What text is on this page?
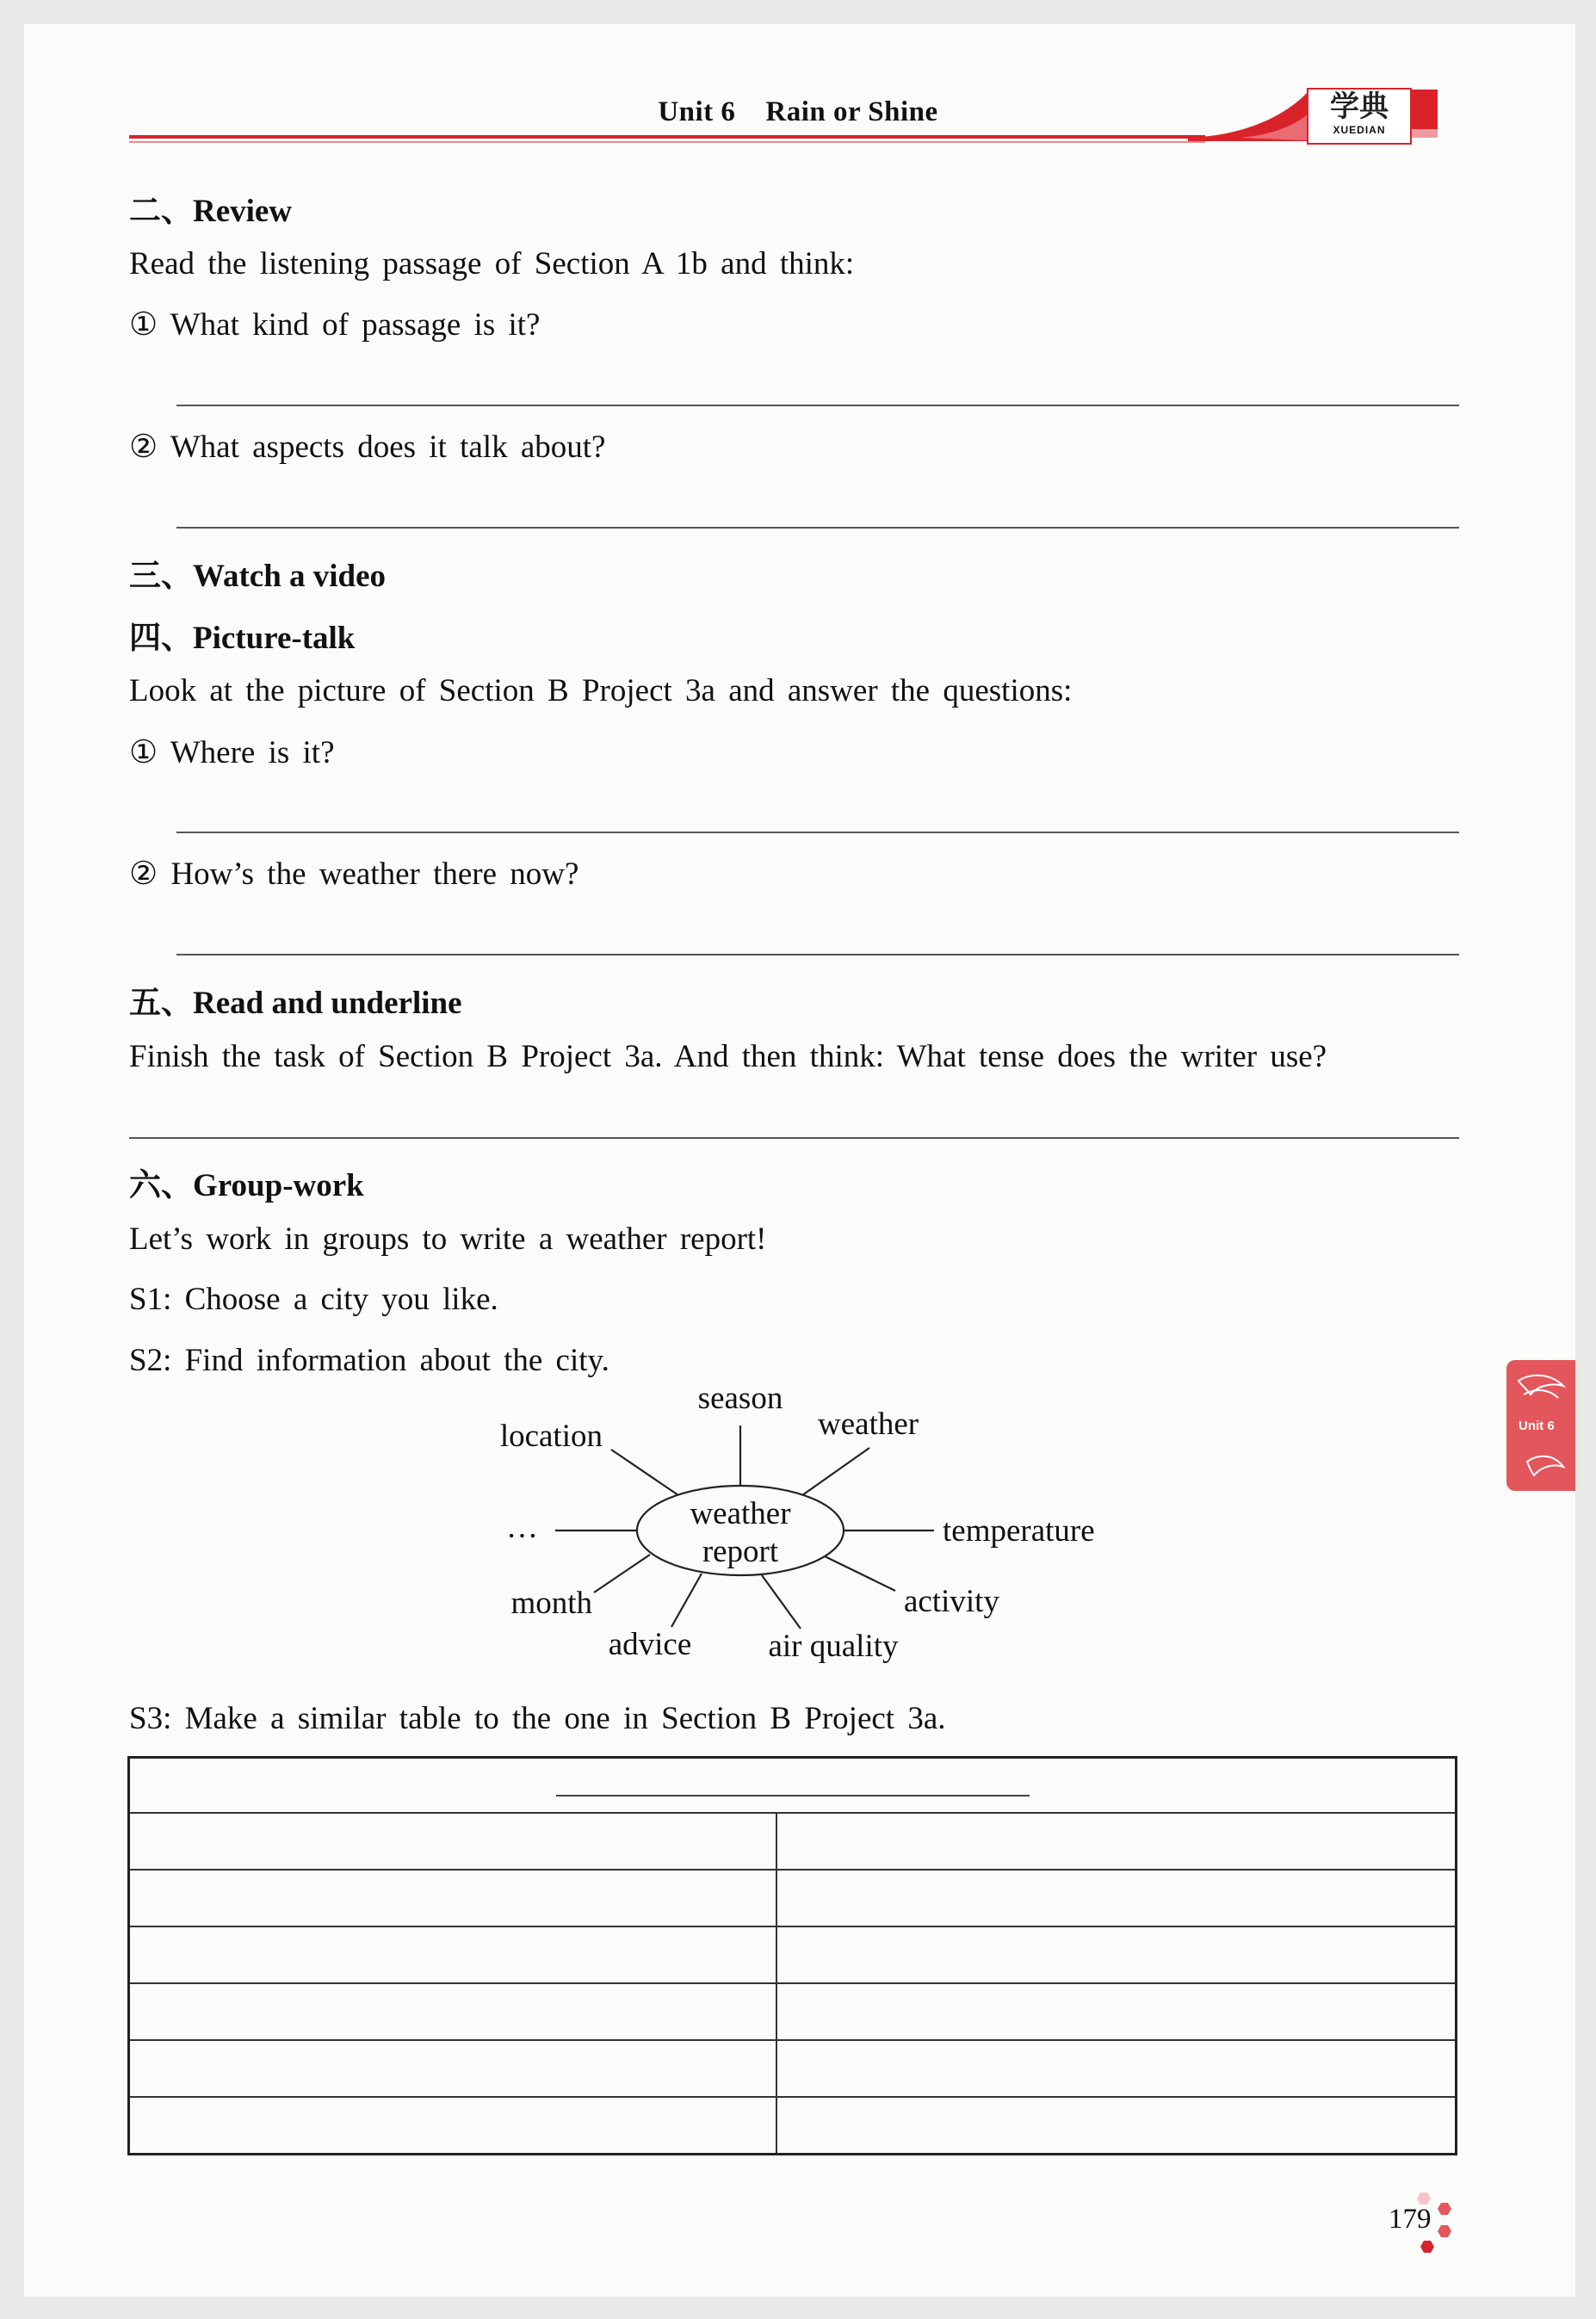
Unit 6    Rain or Shine	学典
XUEDIAN
二、Review
Read the listening passage of Section A 1b and think:
① What kind of passage is it?
② What aspects does it talk about?
三、Watch a video
四、Picture-talk
Look at the picture of Section B Project 3a and answer the questions:
① Where is it?
② How’s the weather there now?
五、Read and underline
Finish the task of Section B Project 3a. And then think: What tense does the writer use?
六、Group-work
Let’s work in groups to write a weather report!
S1: Choose a city you like.
S2: Find information about the city.
weather
report
season
weather
location
…	temperature
month
advice air quality
activity
S3: Make a similar table to the one in Section B Project 3a.
Unit 6
179
